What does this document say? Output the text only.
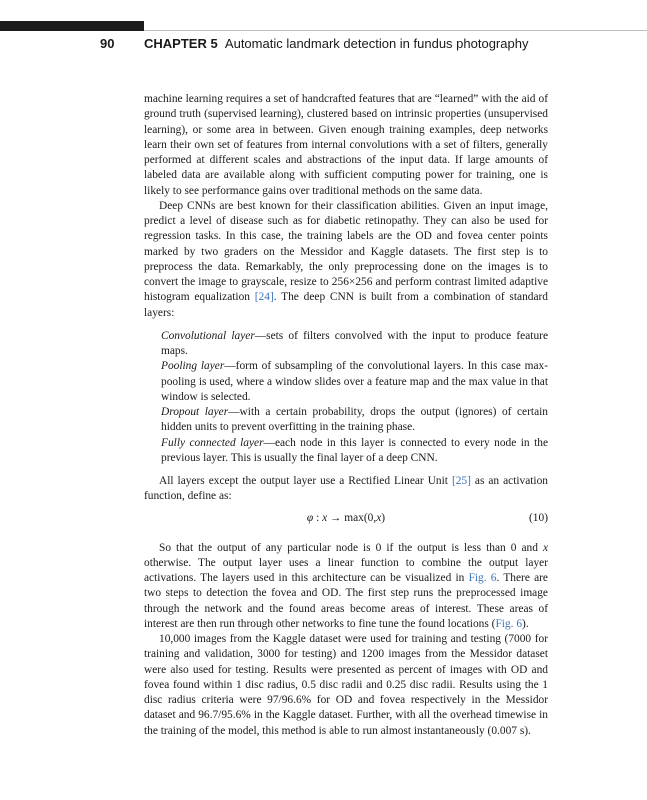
90 CHAPTER 5 Automatic landmark detection in fundus photography

machine learning requires a set of handcrafted features that are “learned” with the aid of ground truth (supervised learning), clustered based on intrinsic properties (unsupervised learning), or some area in between. Given enough training examples, deep networks learn their own set of features from internal convolutions with a set of filters, generally performed at different scales and abstractions of the input data. If large amounts of labeled data are available along with sufficient computing power for training, one is likely to see performance gains over traditional methods on the same data.

Deep CNNs are best known for their classification abilities. Given an input image, predict a level of disease such as for diabetic retinopathy. They can also be used for regression tasks. In this case, the training labels are the OD and fovea center points marked by two graders on the Messidor and Kaggle datasets. The first step is to preprocess the data. Remarkably, the only preprocessing done on the images is to convert the image to grayscale, resize to 256×256 and perform contrast limited adaptive histogram equalization [24]. The deep CNN is built from a combination of standard layers:

Convolutional layer—sets of filters convolved with the input to produce feature maps.

Pooling layer—form of subsampling of the convolutional layers. In this case max-pooling is used, where a window slides over a feature map and the max value in that window is selected.

Dropout layer—with a certain probability, drops the output (ignores) of certain hidden units to prevent overfitting in the training phase.

Fully connected layer—each node in this layer is connected to every node in the previous layer. This is usually the final layer of a deep CNN.

All layers except the output layer use a Rectified Linear Unit [25] as an activation function, define as:

φ : x → max(0,x)	(10)

So that the output of any particular node is 0 if the output is less than 0 and x otherwise. The output layer uses a linear function to combine the output layer activations. The layers used in this architecture can be visualized in Fig. 6. There are two steps to detection the fovea and OD. The first step runs the preprocessed image through the network and the found areas become areas of interest. These areas of interest are then run through other networks to fine tune the found locations (Fig. 6).

10,000 images from the Kaggle dataset were used for training and testing (7000 for training and validation, 3000 for testing) and 1200 images from the Messidor dataset were also used for testing. Results were presented as percent of images with OD and fovea found within 1 disc radius, 0.5 disc radii and 0.25 disc radii. Results using the 1 disc radius criteria were 97/96.6% for OD and fovea respectively in the Messidor dataset and 96.7/95.6% in the Kaggle dataset. Further, with all the overhead timewise in the training of the model, this method is able to run almost instantaneously (0.007 s).
